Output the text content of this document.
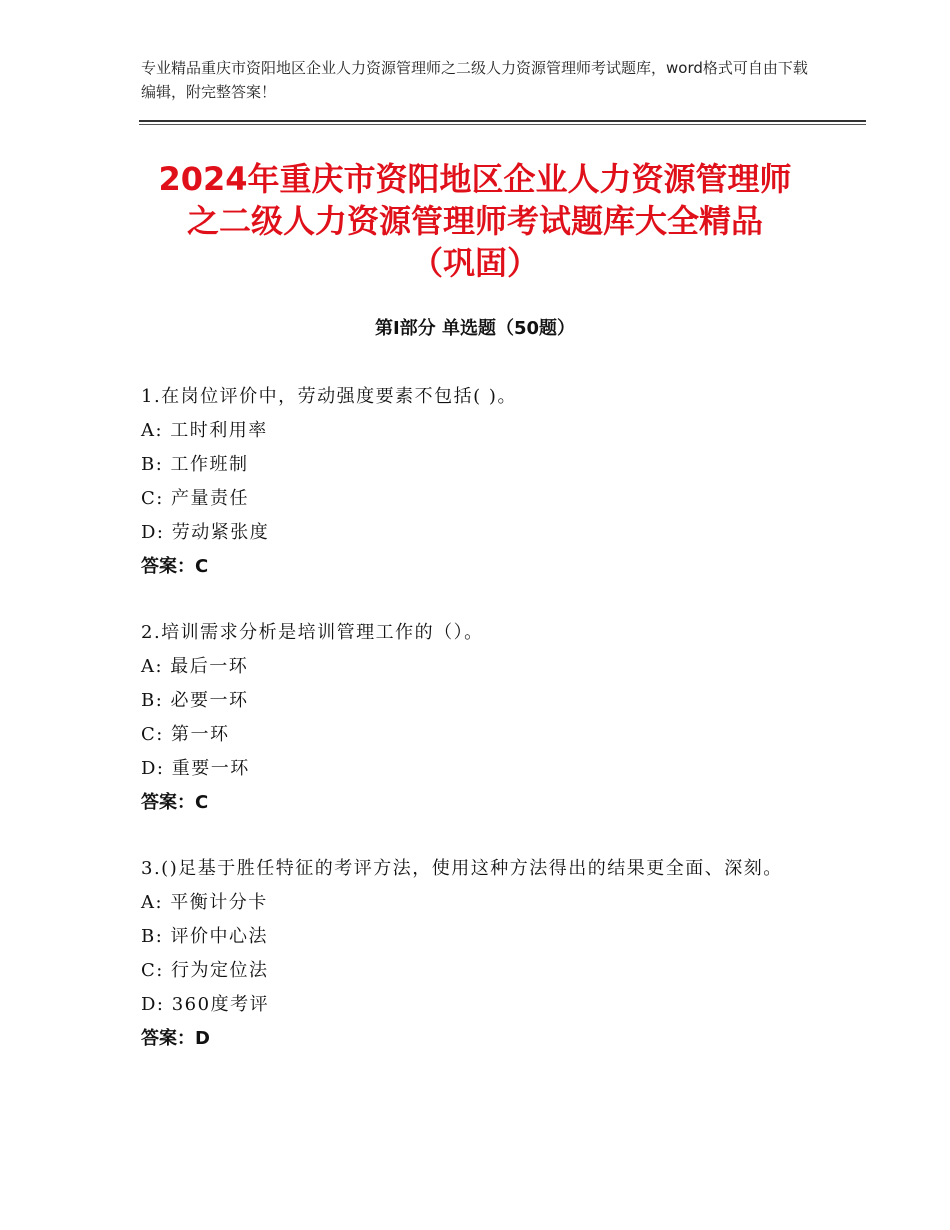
专业精品重庆市资阳地区企业人力资源管理师之二级人力资源管理师考试题库，word格式可自由下载编辑，附完整答案！
2024年重庆市资阳地区企业人力资源管理师
之二级人力资源管理师考试题库大全精品
（巩固）
第Ⅰ部分 单选题（50题）
1.在岗位评价中，劳动强度要素不包括( )。
A: 工时利用率
B: 工作班制
C: 产量责任
D: 劳动紧张度
答案：C
2.培训需求分析是培训管理工作的（）。
A: 最后一环
B: 必要一环
C: 第一环
D: 重要一环
答案：C
3.()足基于胜任特征的考评方法，使用这种方法得出的结果更全面、深刻。
A: 平衡计分卡
B: 评价中心法
C: 行为定位法
D: 360度考评
答案：D
